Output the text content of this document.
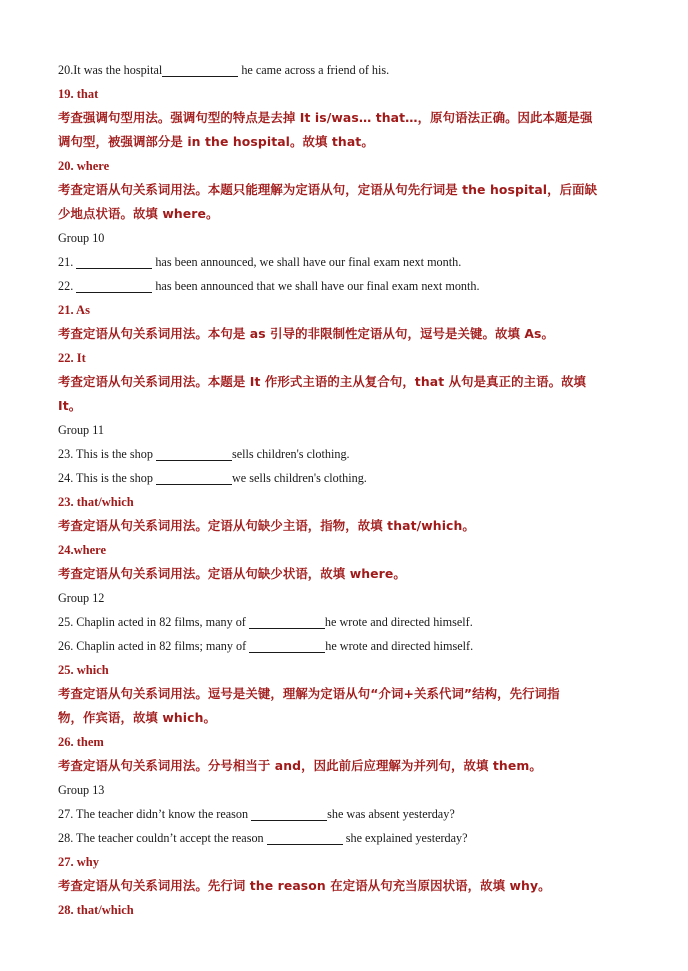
20.It was the hospital	he came across a friend of his.
19. that
考查强调句型用法。强调句型的特点是去掉 It is/was… that…，原句语法正确。因此本题是强
调句型，被强调部分是 in the hospital。故填 that。
20. where
考查定语从句关系词用法。本题只能理解为定语从句，定语从句先行词是 the hospital，后面缺
少地点状语。故填 where。
Group 10
21.	has been announced, we shall have our final exam next month.
22.	has been announced that we shall have our final exam next month.
21. As
考查定语从句关系词用法。本句是 as 引导的非限制性定语从句，逗号是关键。故填 As。
22. It
考查定语从句关系词用法。本题是 It 作形式主语的主从复合句，that 从句是真正的主语。故填
It。
Group 11
23. This is the shop	sells children's clothing.
24. This is the shop	we sells children's clothing.
23. that/which
考查定语从句关系词用法。定语从句缺少主语，指物，故填 that/which。
24.where
考查定语从句关系词用法。定语从句缺少状语，故填 where。
Group 12
25. Chaplin acted in 82 films, many of	he wrote and directed himself.
26. Chaplin acted in 82 films; many of	he wrote and directed himself.
25. which
考查定语从句关系词用法。逗号是关键，理解为定语从句“介词+关系代词”结构，先行词指
物，作宾语，故填 which。
26. them
考查定语从句关系词用法。分号相当于 and，因此前后应理解为并列句，故填 them。
Group 13
27. The teacher didn’t know the reason	she was absent yesterday?
28. The teacher couldn’t accept the reason	she explained yesterday?
27. why
考查定语从句关系词用法。先行词 the reason 在定语从句充当原因状语，故填 why。
28. that/which
